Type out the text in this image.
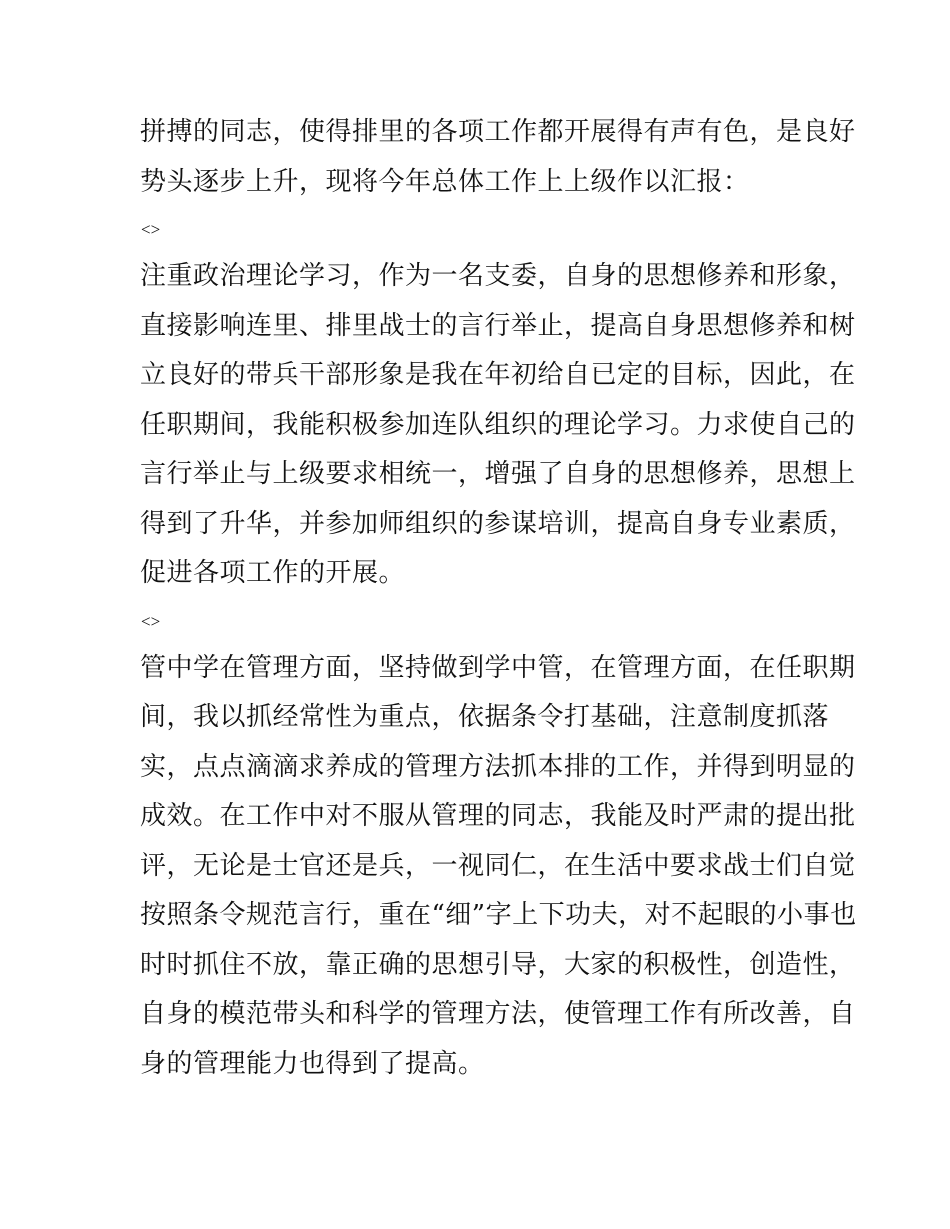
拼搏的同志，使得排里的各项工作都开展得有声有色，是良好
势头逐步上升，现将今年总体工作上上级作以汇报：
<>
注重政治理论学习，作为一名支委，自身的思想修养和形象，
直接影响连里、排里战士的言行举止，提高自身思想修养和树
立良好的带兵干部形象是我在年初给自已定的目标，因此，在
任职期间，我能积极参加连队组织的理论学习。力求使自己的
言行举止与上级要求相统一，增强了自身的思想修养，思想上
得到了升华，并参加师组织的参谋培训，提高自身专业素质，
促进各项工作的开展。
<>
管中学在管理方面，坚持做到学中管，在管理方面，在任职期
间，我以抓经常性为重点，依据条令打基础，注意制度抓落
实，点点滴滴求养成的管理方法抓本排的工作，并得到明显的
成效。在工作中对不服从管理的同志，我能及时严肃的提出批
评，无论是士官还是兵，一视同仁，在生活中要求战士们自觉
按照条令规范言行，重在“细”字上下功夫，对不起眼的小事也
时时抓住不放，靠正确的思想引导，大家的积极性，创造性，
自身的模范带头和科学的管理方法，使管理工作有所改善，自
身的管理能力也得到了提高。
